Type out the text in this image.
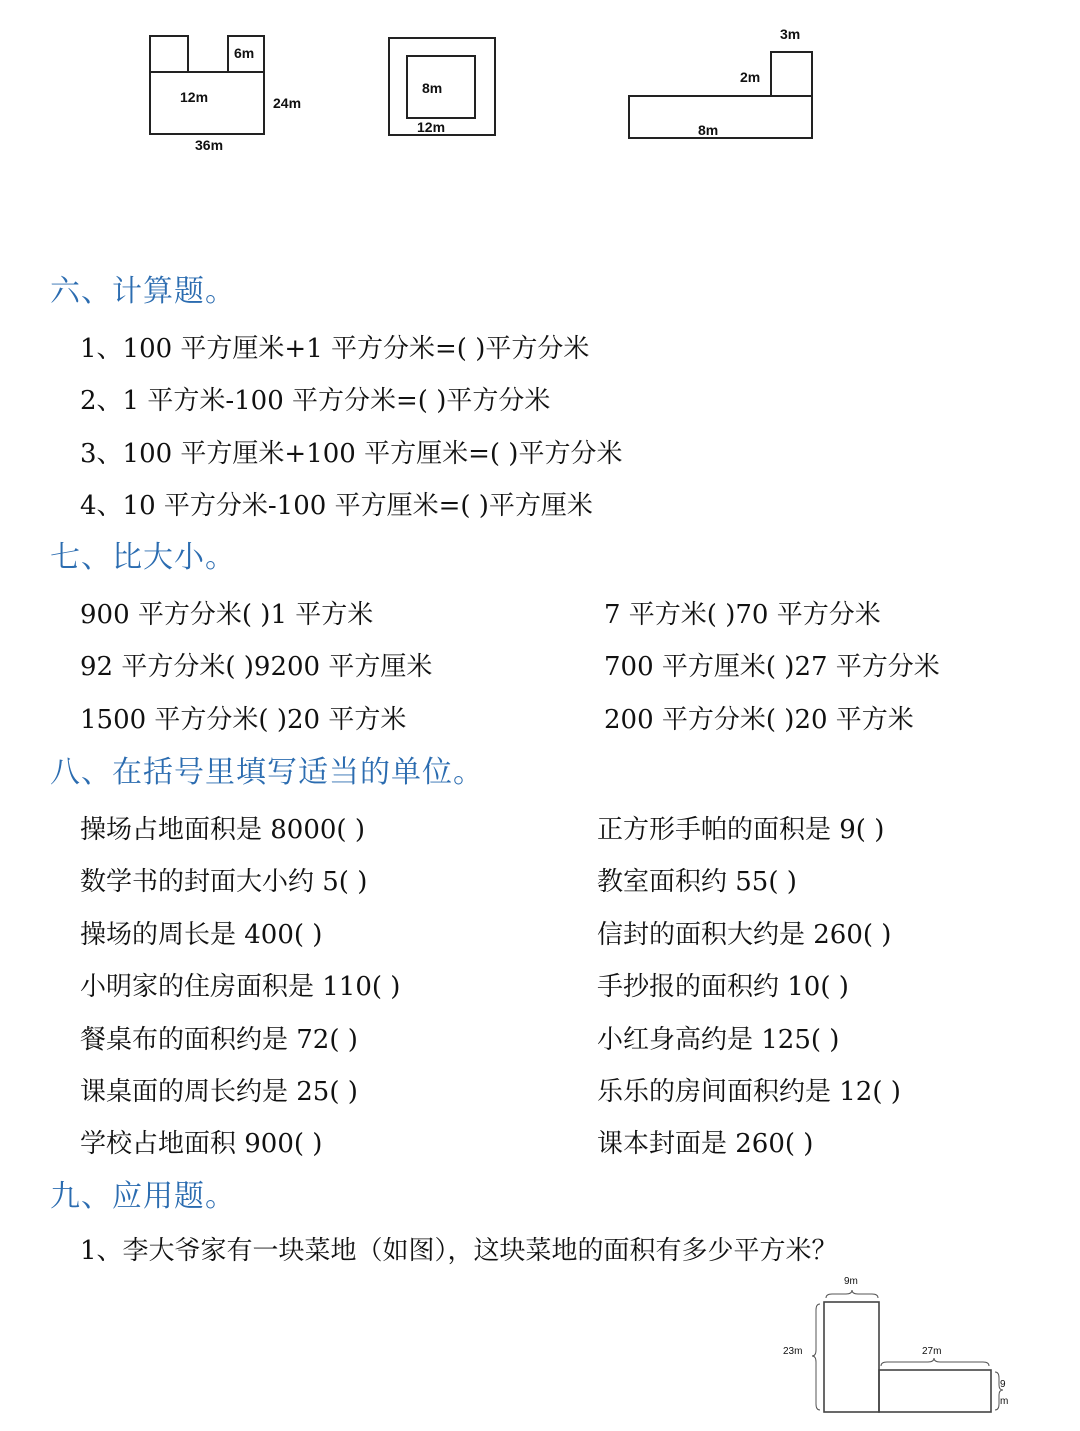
6m
12m	24m
36m
8m
12m
3m
2m
8m
六、计算题。
1、100 平方厘米+1 平方分米=( )平方分米
2、1 平方米-100 平方分米=( )平方分米
3、100 平方厘米+100 平方厘米=( )平方分米
4、10 平方分米-100 平方厘米=( )平方厘米
七、比大小。
900 平方分米( )1 平方米
92 平方分米( )9200 平方厘米
1500 平方分米( )20 平方米
7 平方米( )70 平方分米
700 平方厘米( )27 平方分米
200 平方分米( )20 平方米
八、在括号里填写适当的单位。
操场占地面积是 8000( )
数学书的封面大小约 5( )
操场的周长是 400( )
小明家的住房面积是 110( )
餐桌布的面积约是 72( )
课桌面的周长约是 25( )
学校占地面积 900( )
正方形手帕的面积是 9( )
教室面积约 55( )
信封的面积大约是 260( )
手抄报的面积约 10( )
小红身高约是 125( )
乐乐的房间面积约是 12( )
课本封面是 260( )
九、应用题。
1、李大爷家有一块菜地（如图），这块菜地的面积有多少平方米？
9m
23m	27m
9
m
